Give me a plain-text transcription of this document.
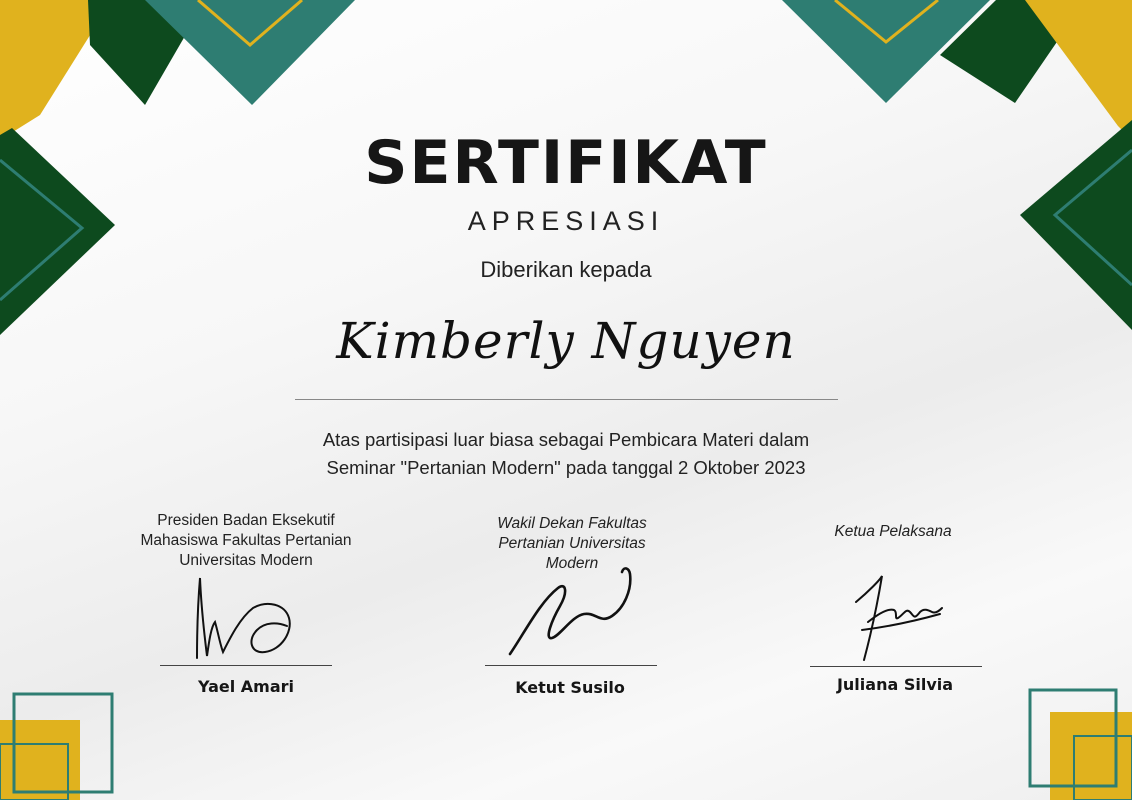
SERTIFIKAT
APRESIASI
Diberikan kepada
Kimberly Nguyen
Atas partisipasi luar biasa sebagai Pembicara Materi dalam
Seminar "Pertanian Modern" pada tanggal 2 Oktober 2023
Presiden Badan Eksekutif
Mahasiswa Fakultas Pertanian
Universitas Modern
Yael Amari
Wakil Dekan Fakultas
Pertanian Universitas
Modern
Ketut Susilo
Ketua Pelaksana
Juliana Silvia
